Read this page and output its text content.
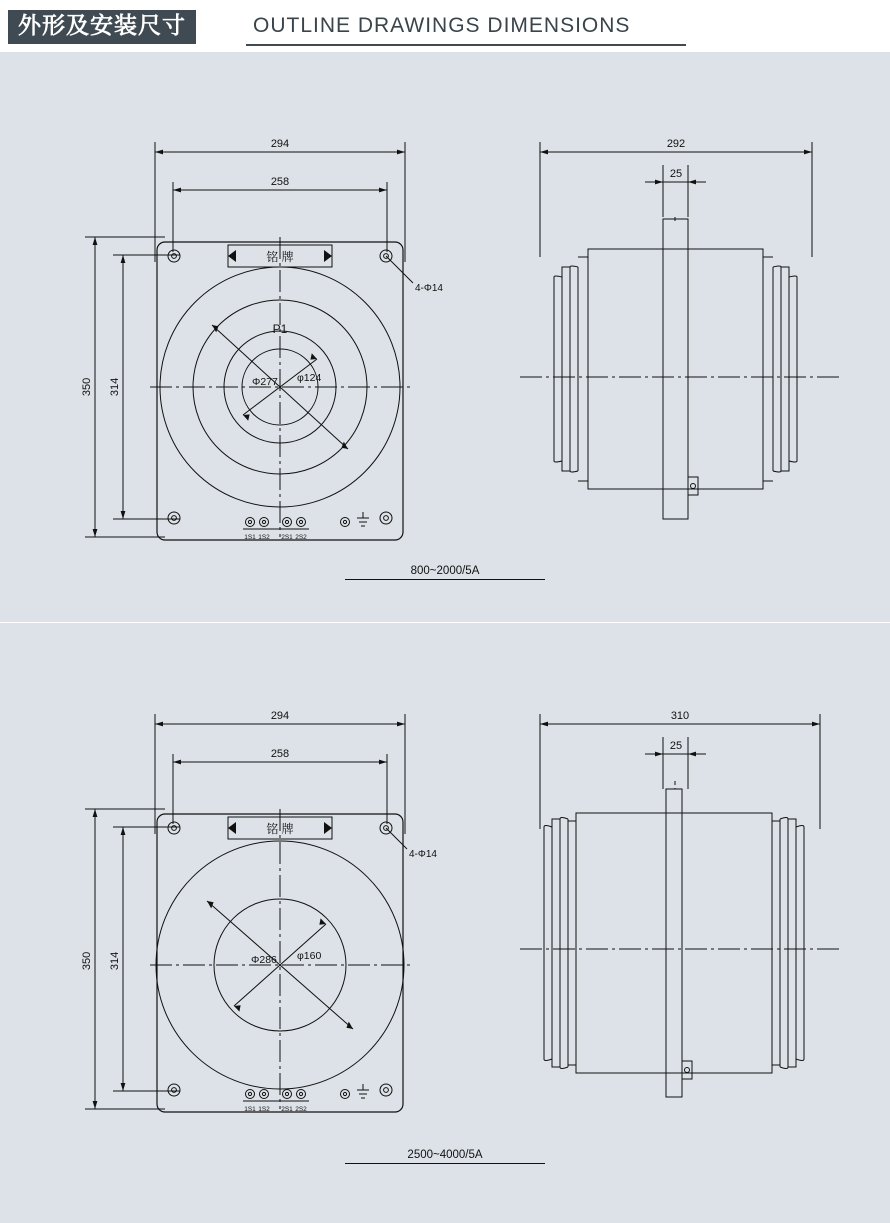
外形及安装尺寸	OUTLINE DRAWINGS DIMENSIONS
294
258
350 314
4-Φ14
铭 牌
P1
Φ277 φ124
1S1 1S2 2S1 2S2
292
25
800~2000/5A
294
258
350 314
4-Φ14
铭 牌
Φ286 φ160
1S1 1S2 2S1 2S2
310
25
2500~4000/5A
